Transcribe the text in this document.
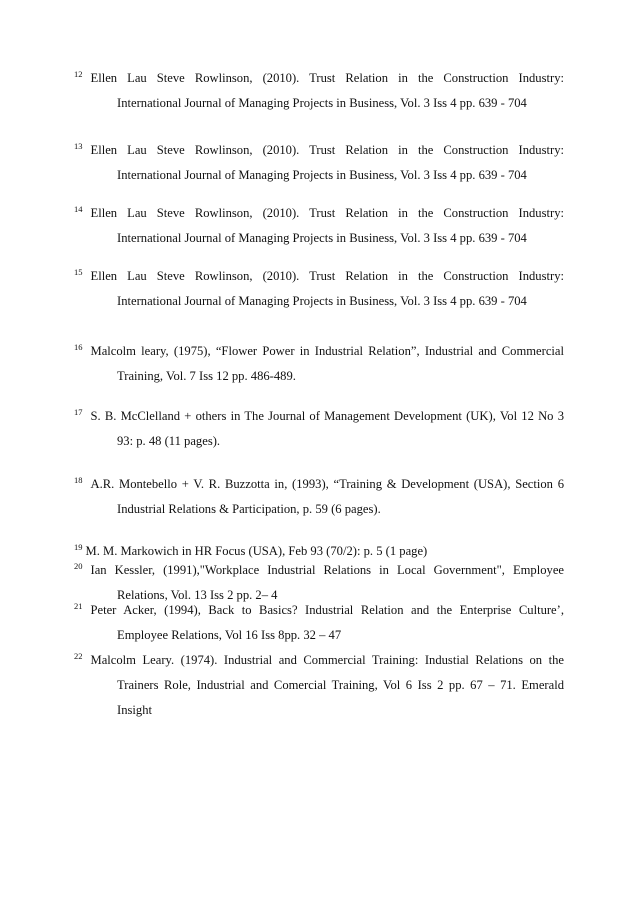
$^{12}$ Ellen Lau Steve Rowlinson, (2010). Trust Relation in the Construction Industry:
International Journal of Managing Projects in Business, Vol. 3 Iss 4 pp. 639 - 704
$^{13}$ Ellen Lau Steve Rowlinson, (2010). Trust Relation in the Construction Industry:
International Journal of Managing Projects in Business, Vol. 3 Iss 4 pp. 639 - 704
$^{14}$ Ellen Lau Steve Rowlinson, (2010). Trust Relation in the Construction Industry:
International Journal of Managing Projects in Business, Vol. 3 Iss 4 pp. 639 - 704
$^{15}$ Ellen Lau Steve Rowlinson, (2010). Trust Relation in the Construction Industry:
International Journal of Managing Projects in Business, Vol. 3 Iss 4 pp. 639 - 704
$^{16}$ Malcolm leary, (1975), “Flower Power in Industrial Relation”, Industrial and Commercial
Training, Vol. 7 Iss 12 pp. 486-489.
$^{17}$ S. B. McClelland + others in The Journal of Management Development (UK), Vol 12 No 3
93: p. 48 (11 pages).
$^{18}$ A.R. Montebello + V. R. Buzzotta in, (1993), “Training & Development (USA), Section 6
Industrial Relations & Participation, p. 59 (6 pages).
$^{19}$ M. M. Markowich in HR Focus (USA), Feb 93 (70/2): p. 5 (1 page)
$^{20}$ Ian Kessler, (1991),"Workplace Industrial Relations in Local Government", Employee
Relations, Vol. 13 Iss 2 pp. 2– 4
$^{21}$ Peter Acker, (1994), Back to Basics? Industrial Relation and the Enterprise Culture’,
Employee Relations, Vol 16 Iss 8pp. 32 – 47
$^{22}$ Malcolm Leary. (1974). Industrial and Commercial Training: Industial Relations on the
Trainers Role, Industrial and Comercial Training, Vol 6 Iss 2 pp. 67 – 71. Emerald
Insight
